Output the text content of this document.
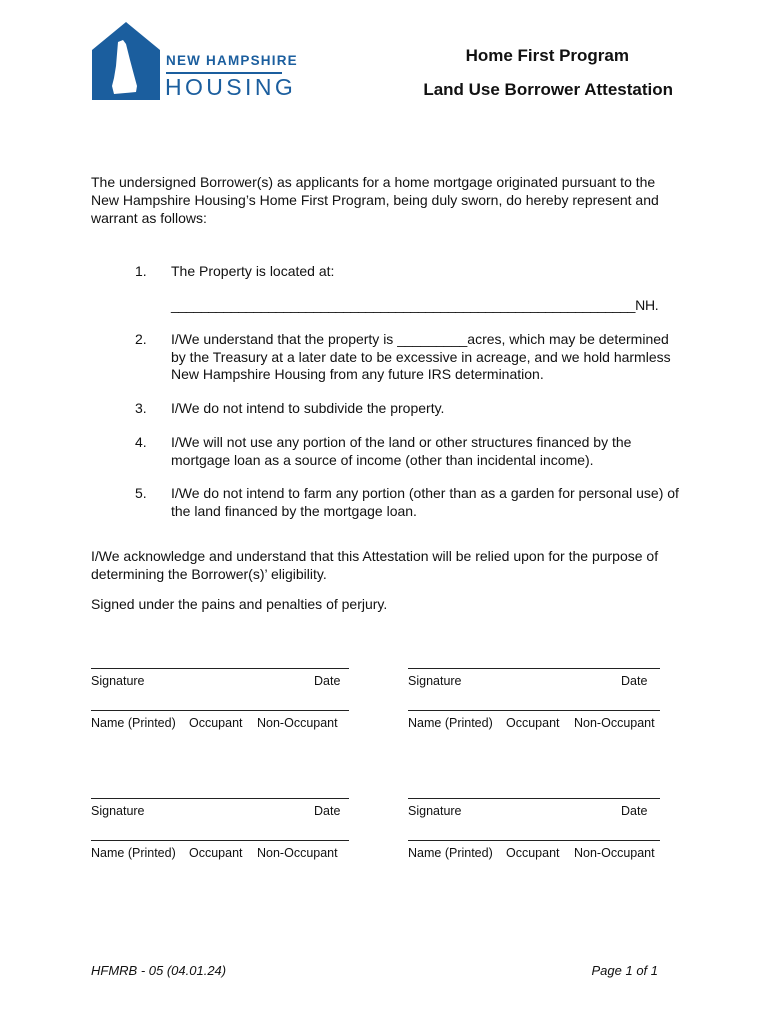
NEW HAMPSHIRE
HOUSING
Home First Program
Land Use Borrower Attestation

The undersigned Borrower(s) as applicants for a home mortgage originated pursuant to the New Hampshire Housing’s Home First Program, being duly sworn, do hereby represent and warrant as follows:

1. The Property is located at:
______________________________________________________________NH.
2. I/We understand that the property is _________acres, which may be determined by the Treasury at a later date to be excessive in acreage, and we hold harmless New Hampshire Housing from any future IRS determination.
3. I/We do not intend to subdivide the property.
4. I/We will not use any portion of the land or other structures financed by the mortgage loan as a source of income (other than incidental income).
5. I/We do not intend to farm any portion (other than as a garden for personal use) of the land financed by the mortgage loan.

I/We acknowledge and understand that this Attestation will be relied upon for the purpose of determining the Borrower(s)’ eligibility.

Signed under the pains and penalties of perjury.

Signature	Date
Name (Printed) Occupant Non-Occupant
Signature	Date
Name (Printed) Occupant Non-Occupant
Signature	Date
Name (Printed) Occupant Non-Occupant
Signature	Date
Name (Printed) Occupant Non-Occupant
HFMRB - 05 (04.01.24)	Page 1 of 1
